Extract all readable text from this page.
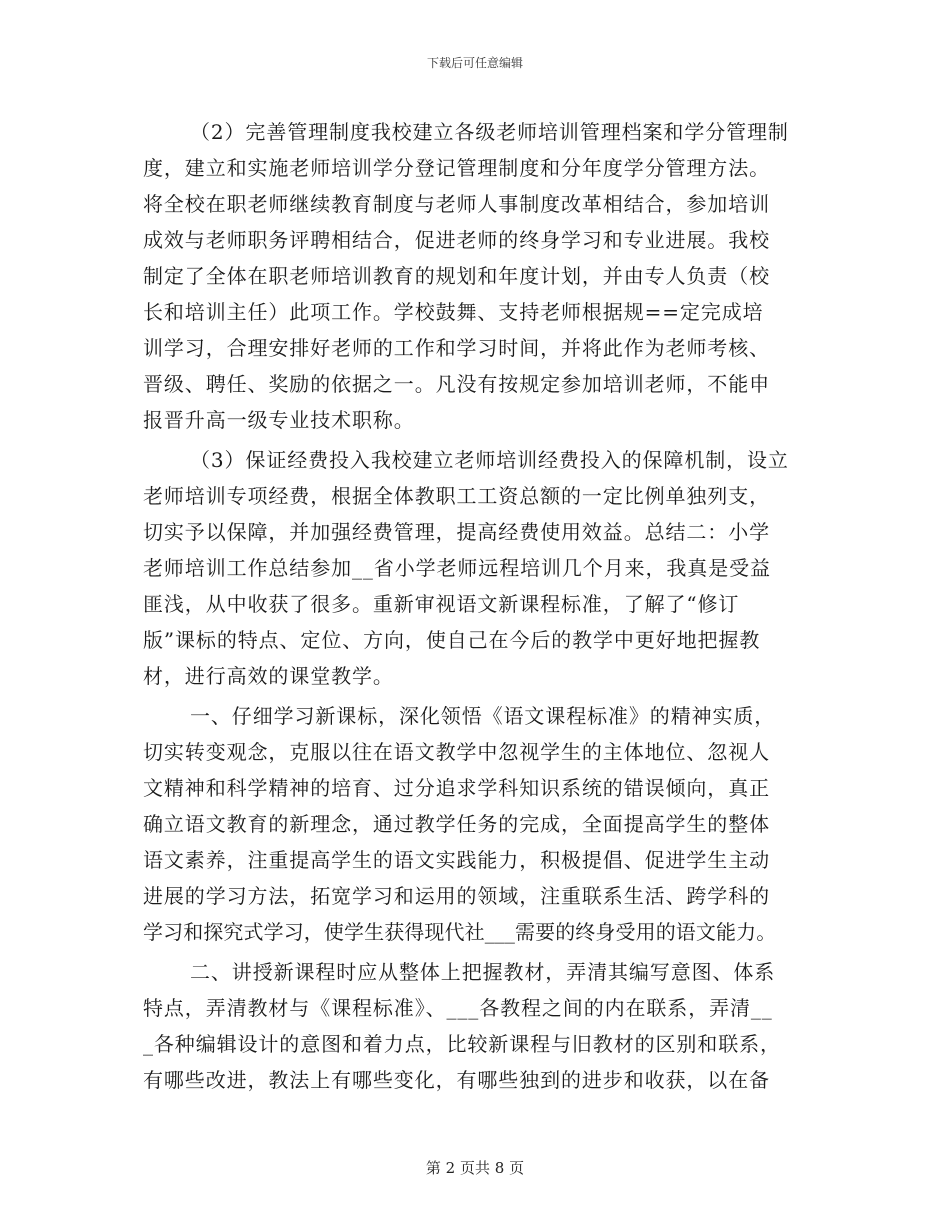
下载后可任意编辑
（2）完善管理制度我校建立各级老师培训管理档案和学分管理制
度，建立和实施老师培训学分登记管理制度和分年度学分管理方法。
将全校在职老师继续教育制度与老师人事制度改革相结合，参加培训
成效与老师职务评聘相结合，促进老师的终身学习和专业进展。我校
制定了全体在职老师培训教育的规划和年度计划，并由专人负责（校
长和培训主任）此项工作。学校鼓舞、支持老师根据规==定完成培
训学习，合理安排好老师的工作和学习时间，并将此作为老师考核、
晋级、聘任、奖励的依据之一。凡没有按规定参加培训老师，不能申
报晋升高一级专业技术职称。
（3）保证经费投入我校建立老师培训经费投入的保障机制，设立
老师培训专项经费，根据全体教职工工资总额的一定比例单独列支，
切实予以保障，并加强经费管理，提高经费使用效益。总结二：小学
老师培训工作总结参加__省小学老师远程培训几个月来，我真是受益
匪浅，从中收获了很多。重新审视语文新课程标准，了解了“修订
版”课标的特点、定位、方向，使自己在今后的教学中更好地把握教
材，进行高效的课堂教学。
一、仔细学习新课标，深化领悟《语文课程标准》的精神实质，
切实转变观念，克服以往在语文教学中忽视学生的主体地位、忽视人
文精神和科学精神的培育、过分追求学科知识系统的错误倾向，真正
确立语文教育的新理念，通过教学任务的完成，全面提高学生的整体
语文素养，注重提高学生的语文实践能力，积极提倡、促进学生主动
进展的学习方法，拓宽学习和运用的领域，注重联系生活、跨学科的
学习和探究式学习，使学生获得现代社___需要的终身受用的语文能力。
二、讲授新课程时应从整体上把握教材，弄清其编写意图、体系
特点，弄清教材与《课程标准》、___各教程之间的内在联系，弄清__
_各种编辑设计的意图和着力点，比较新课程与旧教材的区别和联系，
有哪些改进，教法上有哪些变化，有哪些独到的进步和收获，以在备
第 2 页共 8 页
